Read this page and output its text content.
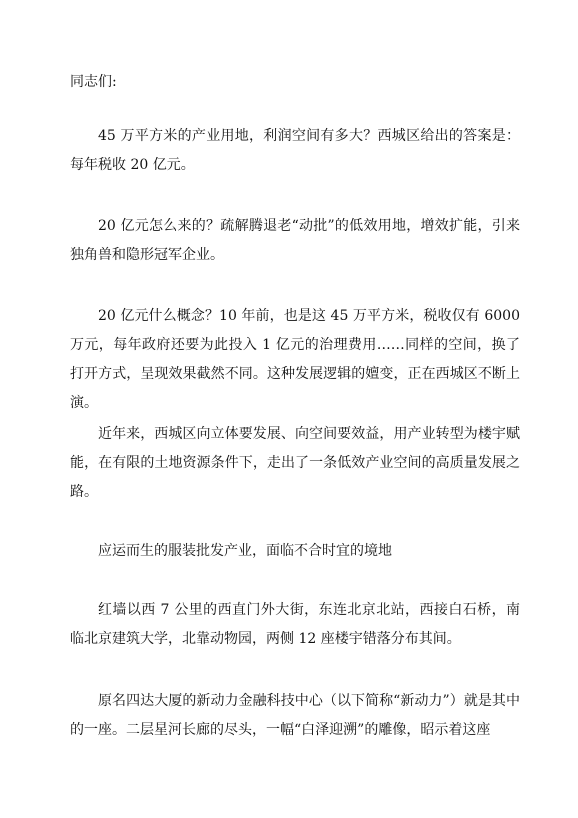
同志们:

45 万平方米的产业用地，利润空间有多大？西城区给出的答案是：每年税收 20 亿元。

20 亿元怎么来的？疏解腾退老“动批”的低效用地，增效扩能，引来独角兽和隐形冠军企业。

20 亿元什么概念？10 年前，也是这 45 万平方米，税收仅有 6000 万元，每年政府还要为此投入 1 亿元的治理费用……同样的空间，换了打开方式，呈现效果截然不同。这种发展逻辑的嬗变，正在西城区不断上演。

近年来，西城区向立体要发展、向空间要效益，用产业转型为楼宇赋能，在有限的土地资源条件下，走出了一条低效产业空间的高质量发展之路。

应运而生的服装批发产业，面临不合时宜的境地

红墙以西 7 公里的西直门外大街，东连北京北站，西接白石桥，南临北京建筑大学，北靠动物园，两侧 12 座楼宇错落分布其间。

原名四达大厦的新动力金融科技中心（以下简称“新动力”）就是其中的一座。二层星河长廊的尽头，一幅“白泽迎溯”的雕像，昭示着这座
